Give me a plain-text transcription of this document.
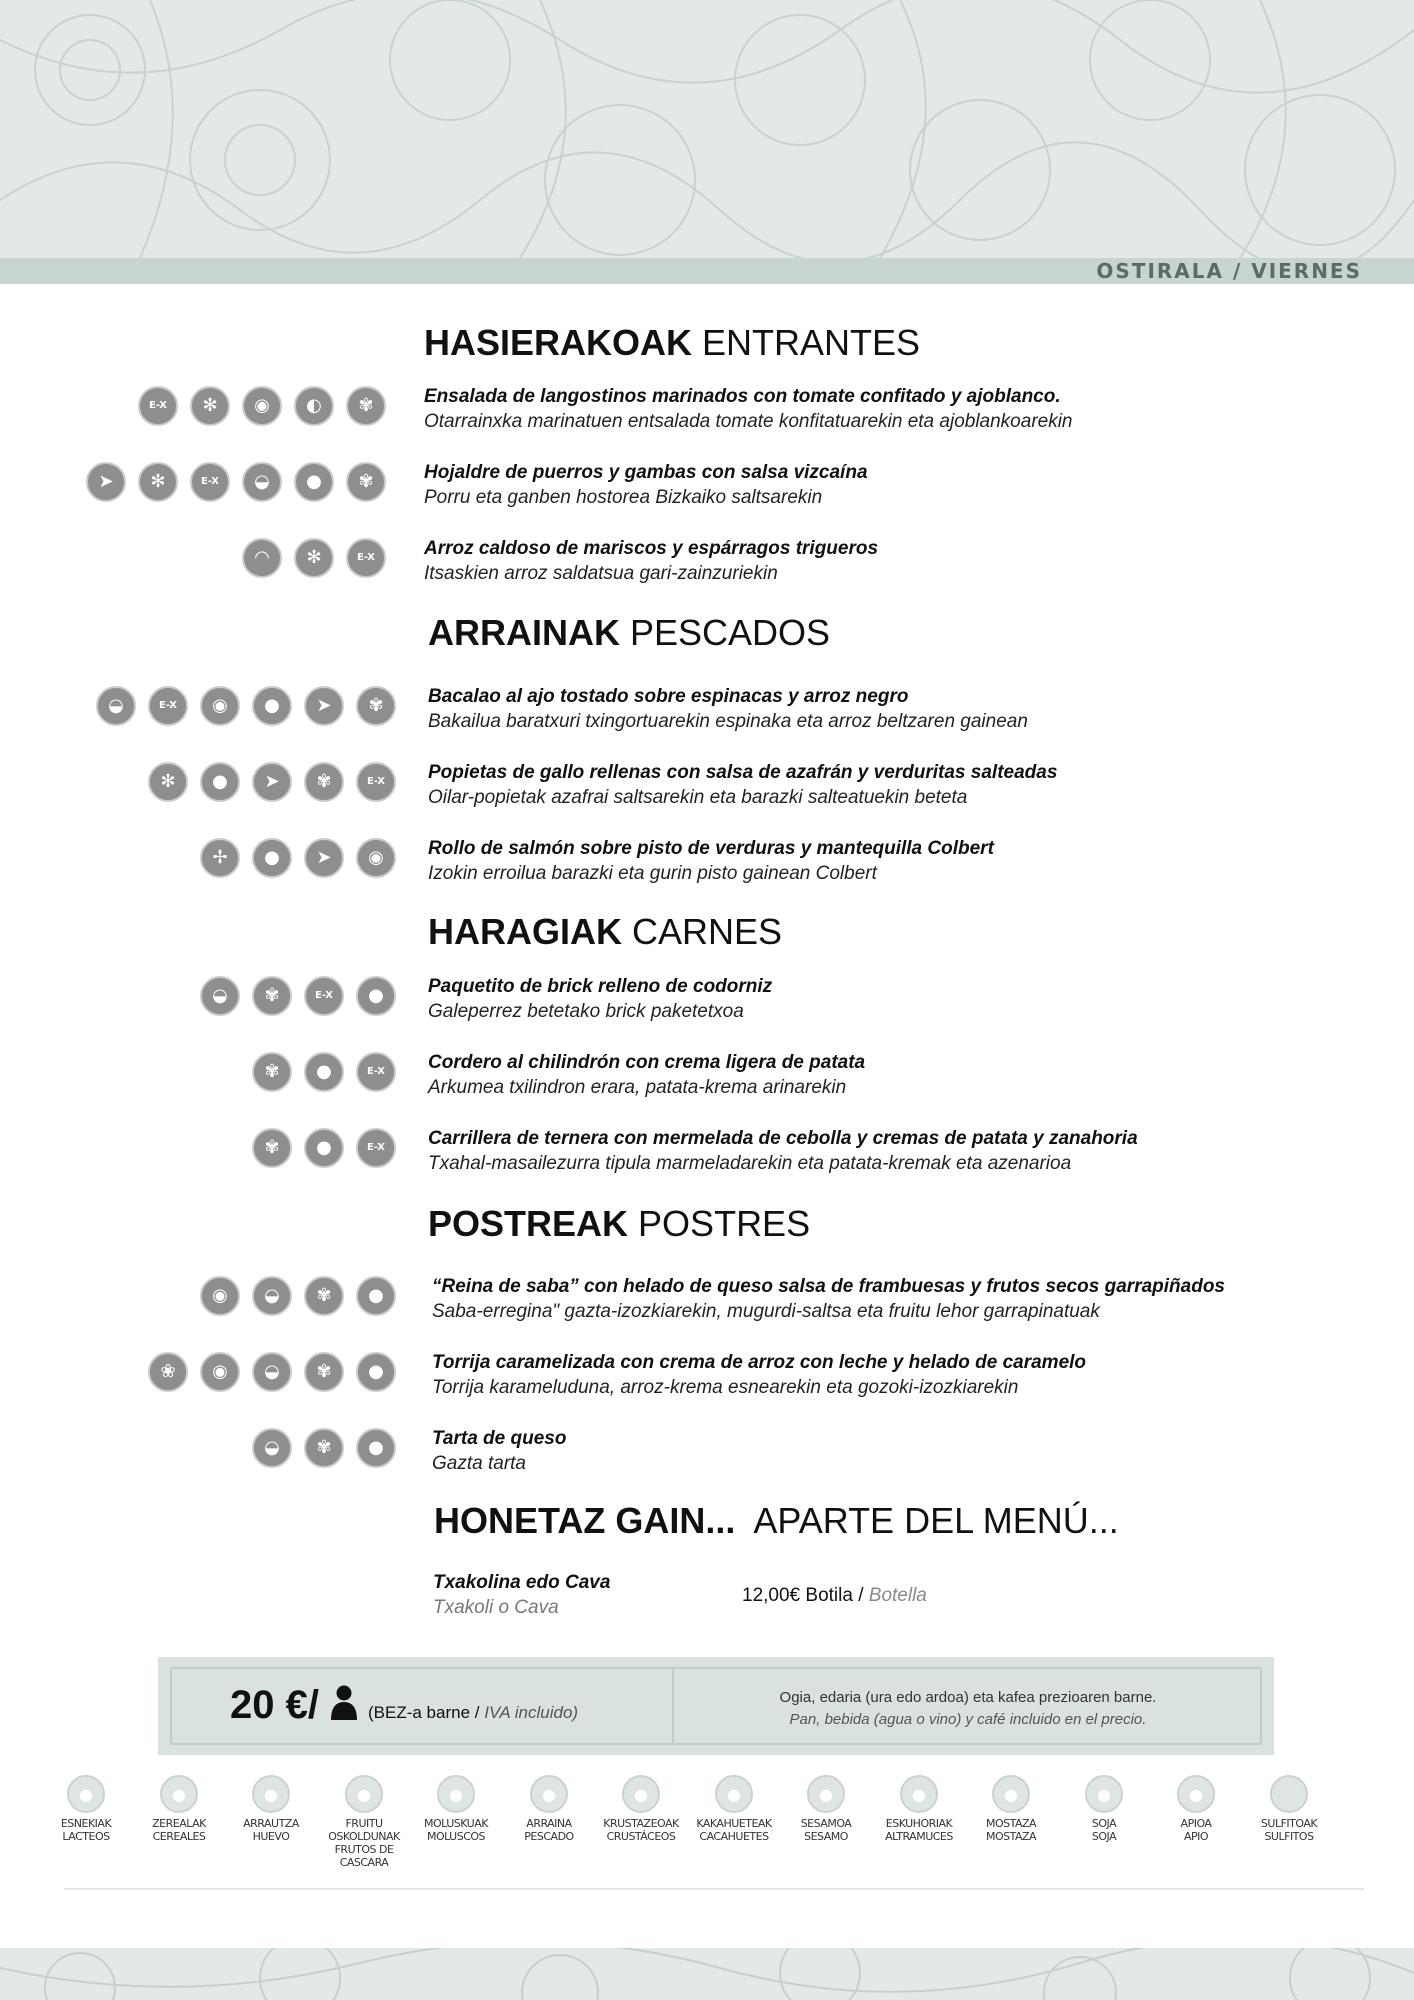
OSTIRALA / VIERNES
HASIERAKOAK ENTRANTES
Ensalada de langostinos marinados con tomate confitado y ajoblanco.
Otarrainxka marinatuen entsalada tomate konfitatuarekin eta ajoblankoarekin
E-X	✻	◉	◐	✾
Hojaldre de puerros y gambas con salsa vizcaína
Porru eta ganben hostorea Bizkaiko saltsarekin
➤	✻	E-X	◒	●	✾
Arroz caldoso de mariscos y espárragos trigueros
Itsaskien arroz saldatsua gari-zainzuriekin
◠	✻	E-X
ARRAINAK PESCADOS
Bacalao al ajo tostado sobre espinacas y arroz negro
Bakailua baratxuri txingortuarekin espinaka eta arroz beltzaren gainean
◒	E-X	◉	●	➤	✾
Popietas de gallo rellenas con salsa de azafrán y verduritas salteadas
Oilar-popietak azafrai saltsarekin eta barazki salteatuekin beteta
✻	●	➤	✾	E-X
Rollo de salmón sobre pisto de verduras y mantequilla Colbert
Izokin erroilua barazki eta gurin pisto gainean Colbert
✢	●	➤	◉
HARAGIAK CARNES
Paquetito de brick relleno de codorniz
Galeperrez betetako brick paketetxoa
◒	✾	E-X	●
Cordero al chilindrón con crema ligera de patata
Arkumea txilindron erara, patata-krema arinarekin
✾	●	E-X
Carrillera de ternera con mermelada de cebolla y cremas de patata y zanahoria
Txahal-masailezurra tipula marmeladarekin eta patata-kremak eta azenarioa
✾	●	E-X
POSTREAK POSTRES
“Reina de saba” con helado de queso salsa de frambuesas y frutos secos garrapiñados
Saba-erregina" gazta-izozkiarekin, mugurdi-saltsa eta fruitu lehor garrapinatuak
◉	◒	✾	●
Torrija caramelizada con crema de arroz con leche y helado de caramelo
Torrija karameluduna, arroz-krema esnearekin eta gozoki-izozkiarekin
❀	◉	◒	✾	●
Tarta de queso
Gazta tarta
◒	✾	●
HONETAZ GAIN... APARTE DEL MENÚ...
Txakolina edo Cava
Txakoli o Cava
12,00€ Botila / Botella
20 €/	(BEZ-a barne / IVA incluido)
Ogia, edaria (ura edo ardoa) eta kafea prezioaren barne.
Pan, bebida (agua o vino) y café incluido en el precio.
●
ESNEKIAK
LACTEOS
●
ZEREALAK
CEREALES
●
ARRAUTZA
HUEVO
●
FRUITU OSKOLDUNAK
FRUTOS DE CASCARA
●
MOLUSKUAK
MOLUSCOS
●
ARRAINA
PESCADO
●
KRUSTAZEOAK
CRUSTÁCEOS
●
KAKAHUETEAK
CACAHUETES
●
SESAMOA
SESAMO
●
ESKUHORIAK
ALTRAMUCES
●
MOSTAZA
MOSTAZA
●
SOJA
SOJA
●
APIOA
APIO
SULFITOAK
SULFITOS
